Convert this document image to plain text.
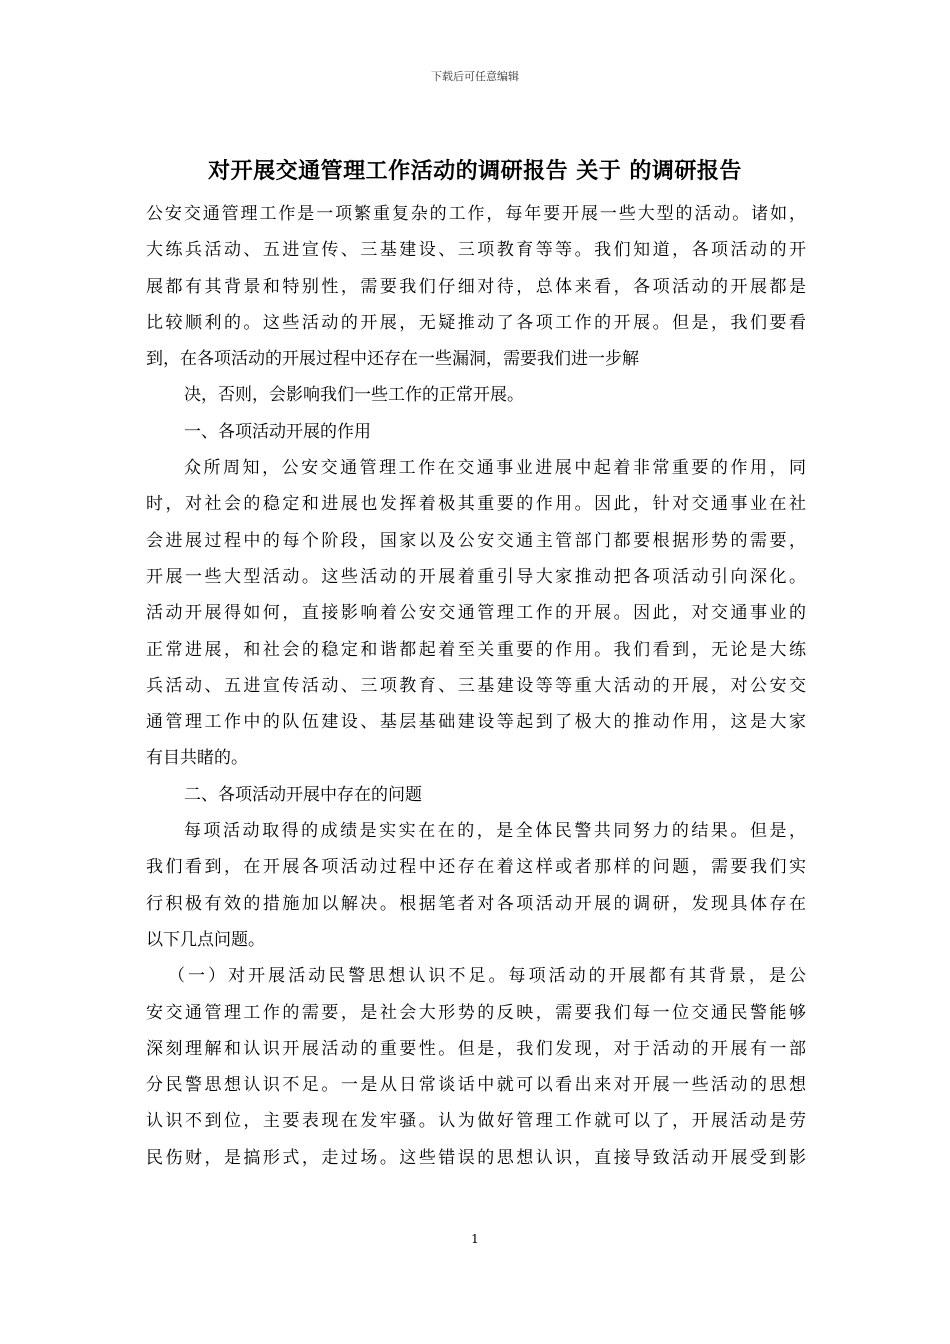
下载后可任意编辑
对开展交通管理工作活动的调研报告 关于 的调研报告
公安交通管理工作是一项繁重复杂的工作，每年要开展一些大型的活动。诸如，
大练兵活动、五进宣传、三基建设、三项教育等等。我们知道，各项活动的开
展都有其背景和特别性，需要我们仔细对待，总体来看，各项活动的开展都是
比较顺利的。这些活动的开展，无疑推动了各项工作的开展。但是，我们要看
到，在各项活动的开展过程中还存在一些漏洞，需要我们进一步解
决，否则，会影响我们一些工作的正常开展。
一、各项活动开展的作用
众所周知，公安交通管理工作在交通事业进展中起着非常重要的作用，同
时，对社会的稳定和进展也发挥着极其重要的作用。因此，针对交通事业在社
会进展过程中的每个阶段，国家以及公安交通主管部门都要根据形势的需要，
开展一些大型活动。这些活动的开展着重引导大家推动把各项活动引向深化。
活动开展得如何，直接影响着公安交通管理工作的开展。因此，对交通事业的
正常进展，和社会的稳定和谐都起着至关重要的作用。我们看到，无论是大练
兵活动、五进宣传活动、三项教育、三基建设等等重大活动的开展，对公安交
通管理工作中的队伍建设、基层基础建设等起到了极大的推动作用，这是大家
有目共睹的。
二、各项活动开展中存在的问题
每项活动取得的成绩是实实在在的，是全体民警共同努力的结果。但是，
我们看到，在开展各项活动过程中还存在着这样或者那样的问题，需要我们实
行积极有效的措施加以解决。根据笔者对各项活动开展的调研，发现具体存在
以下几点问题。
（一）对开展活动民警思想认识不足。每项活动的开展都有其背景，是公
安交通管理工作的需要，是社会大形势的反映，需要我们每一位交通民警能够
深刻理解和认识开展活动的重要性。但是，我们发现，对于活动的开展有一部
分民警思想认识不足。一是从日常谈话中就可以看出来对开展一些活动的思想
认识不到位，主要表现在发牢骚。认为做好管理工作就可以了，开展活动是劳
民伤财，是搞形式，走过场。这些错误的思想认识，直接导致活动开展受到影
1
